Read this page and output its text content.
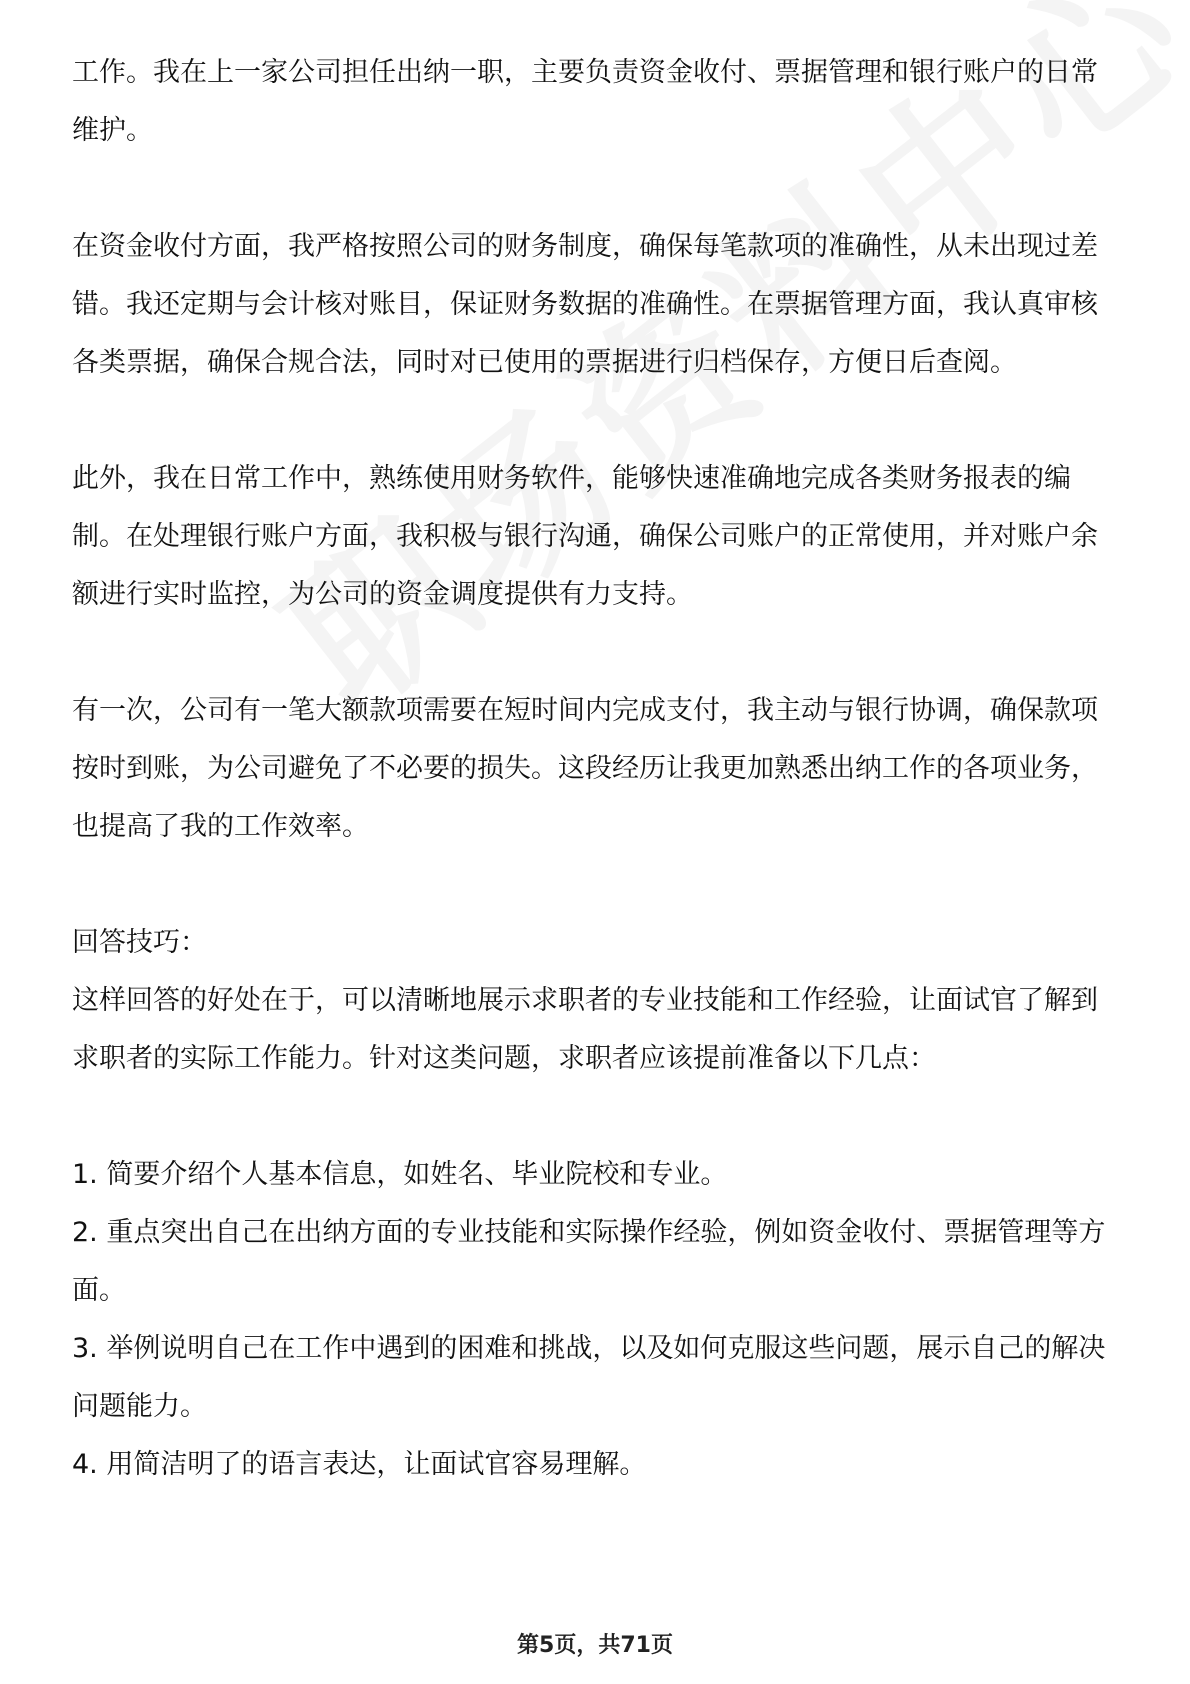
工作。我在上一家公司担任出纳一职，主要负责资金收付、票据管理和银行账户的日常维护。

在资金收付方面，我严格按照公司的财务制度，确保每笔款项的准确性，从未出现过差错。我还定期与会计核对账目，保证财务数据的准确性。在票据管理方面，我认真审核各类票据，确保合规合法，同时对已使用的票据进行归档保存，方便日后查阅。

此外，我在日常工作中，熟练使用财务软件，能够快速准确地完成各类财务报表的编制。在处理银行账户方面，我积极与银行沟通，确保公司账户的正常使用，并对账户余额进行实时监控，为公司的资金调度提供有力支持。

有一次，公司有一笔大额款项需要在短时间内完成支付，我主动与银行协调，确保款项按时到账，为公司避免了不必要的损失。这段经历让我更加熟悉出纳工作的各项业务，也提高了我的工作效率。

回答技巧：

这样回答的好处在于，可以清晰地展示求职者的专业技能和工作经验，让面试官了解到求职者的实际工作能力。针对这类问题，求职者应该提前准备以下几点：

1. 简要介绍个人基本信息，如姓名、毕业院校和专业。
2. 重点突出自己在出纳方面的专业技能和实际操作经验，例如资金收付、票据管理等方面。
3. 举例说明自己在工作中遇到的困难和挑战，以及如何克服这些问题，展示自己的解决问题能力。
4. 用简洁明了的语言表达，让面试官容易理解。
第5页，共71页
